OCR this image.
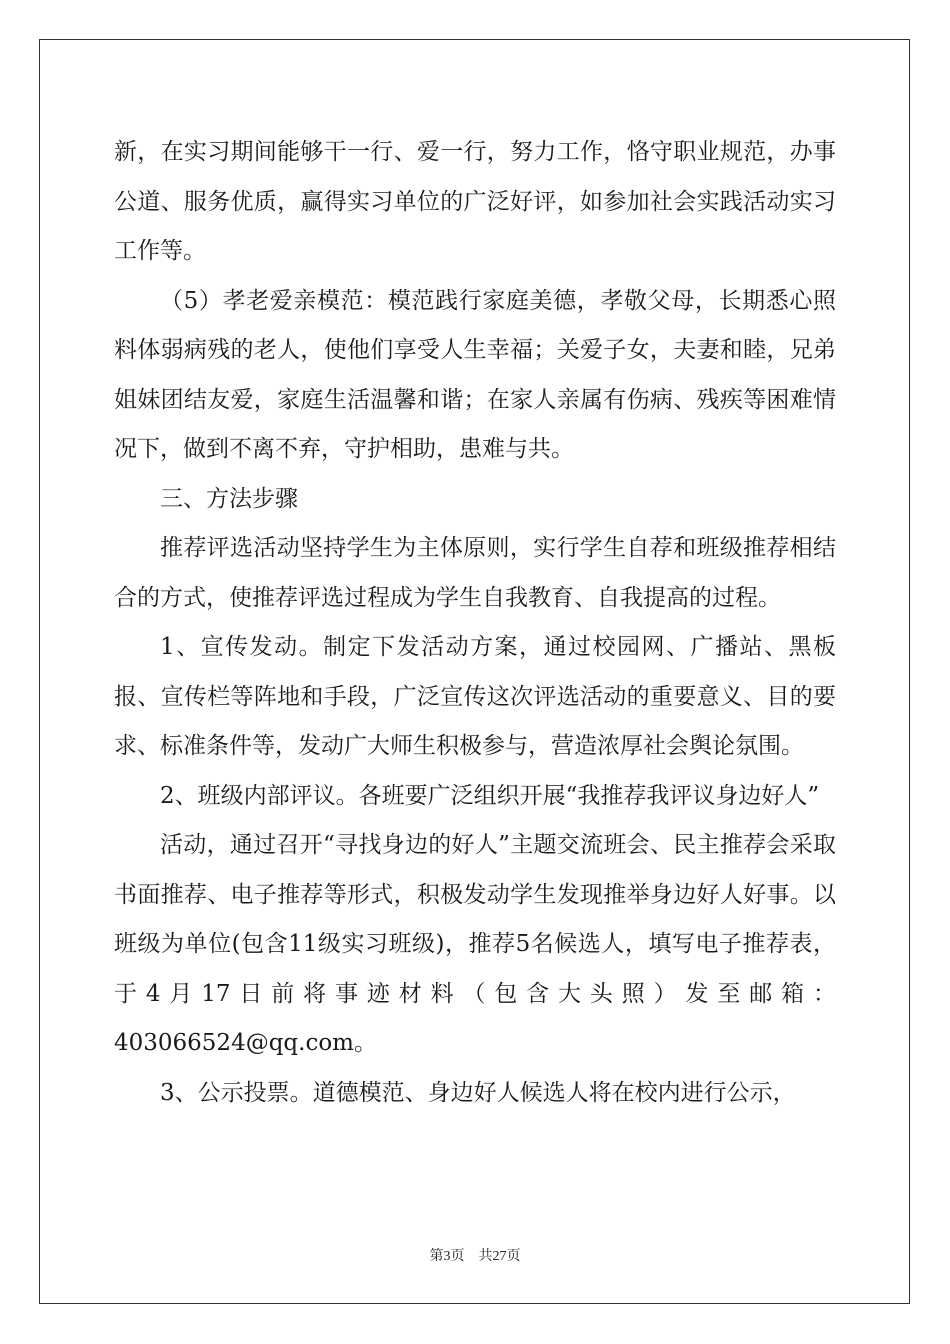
新，在实习期间能够干一行、爱一行，努力工作，恪守职业规范，办事公道、服务优质，赢得实习单位的广泛好评，如参加社会实践活动实习工作等。

（5）孝老爱亲模范：模范践行家庭美德，孝敬父母，长期悉心照料体弱病残的老人，使他们享受人生幸福；关爱子女，夫妻和睦，兄弟姐妹团结友爱，家庭生活温馨和谐；在家人亲属有伤病、残疾等困难情况下，做到不离不弃，守护相助，患难与共。

三、方法步骤

推荐评选活动坚持学生为主体原则，实行学生自荐和班级推荐相结合的方式，使推荐评选过程成为学生自我教育、自我提高的过程。

1、宣传发动。制定下发活动方案，通过校园网、广播站、黑板报、宣传栏等阵地和手段，广泛宣传这次评选活动的重要意义、目的要求、标准条件等，发动广大师生积极参与，营造浓厚社会舆论氛围。

2、班级内部评议。各班要广泛组织开展“我推荐我评议身边好人”

活动，通过召开“寻找身边的好人”主题交流班会、民主推荐会采取书面推荐、电子推荐等形式，积极发动学生发现推举身边好人好事。以班级为单位(包含11级实习班级)，推荐5名候选人，填写电子推荐表，于4月17日前将事迹材料（包含大头照）发至邮箱：403066524@qq.com。

3、公示投票。道德模范、身边好人候选人将在校内进行公示，

第3页 共27页
